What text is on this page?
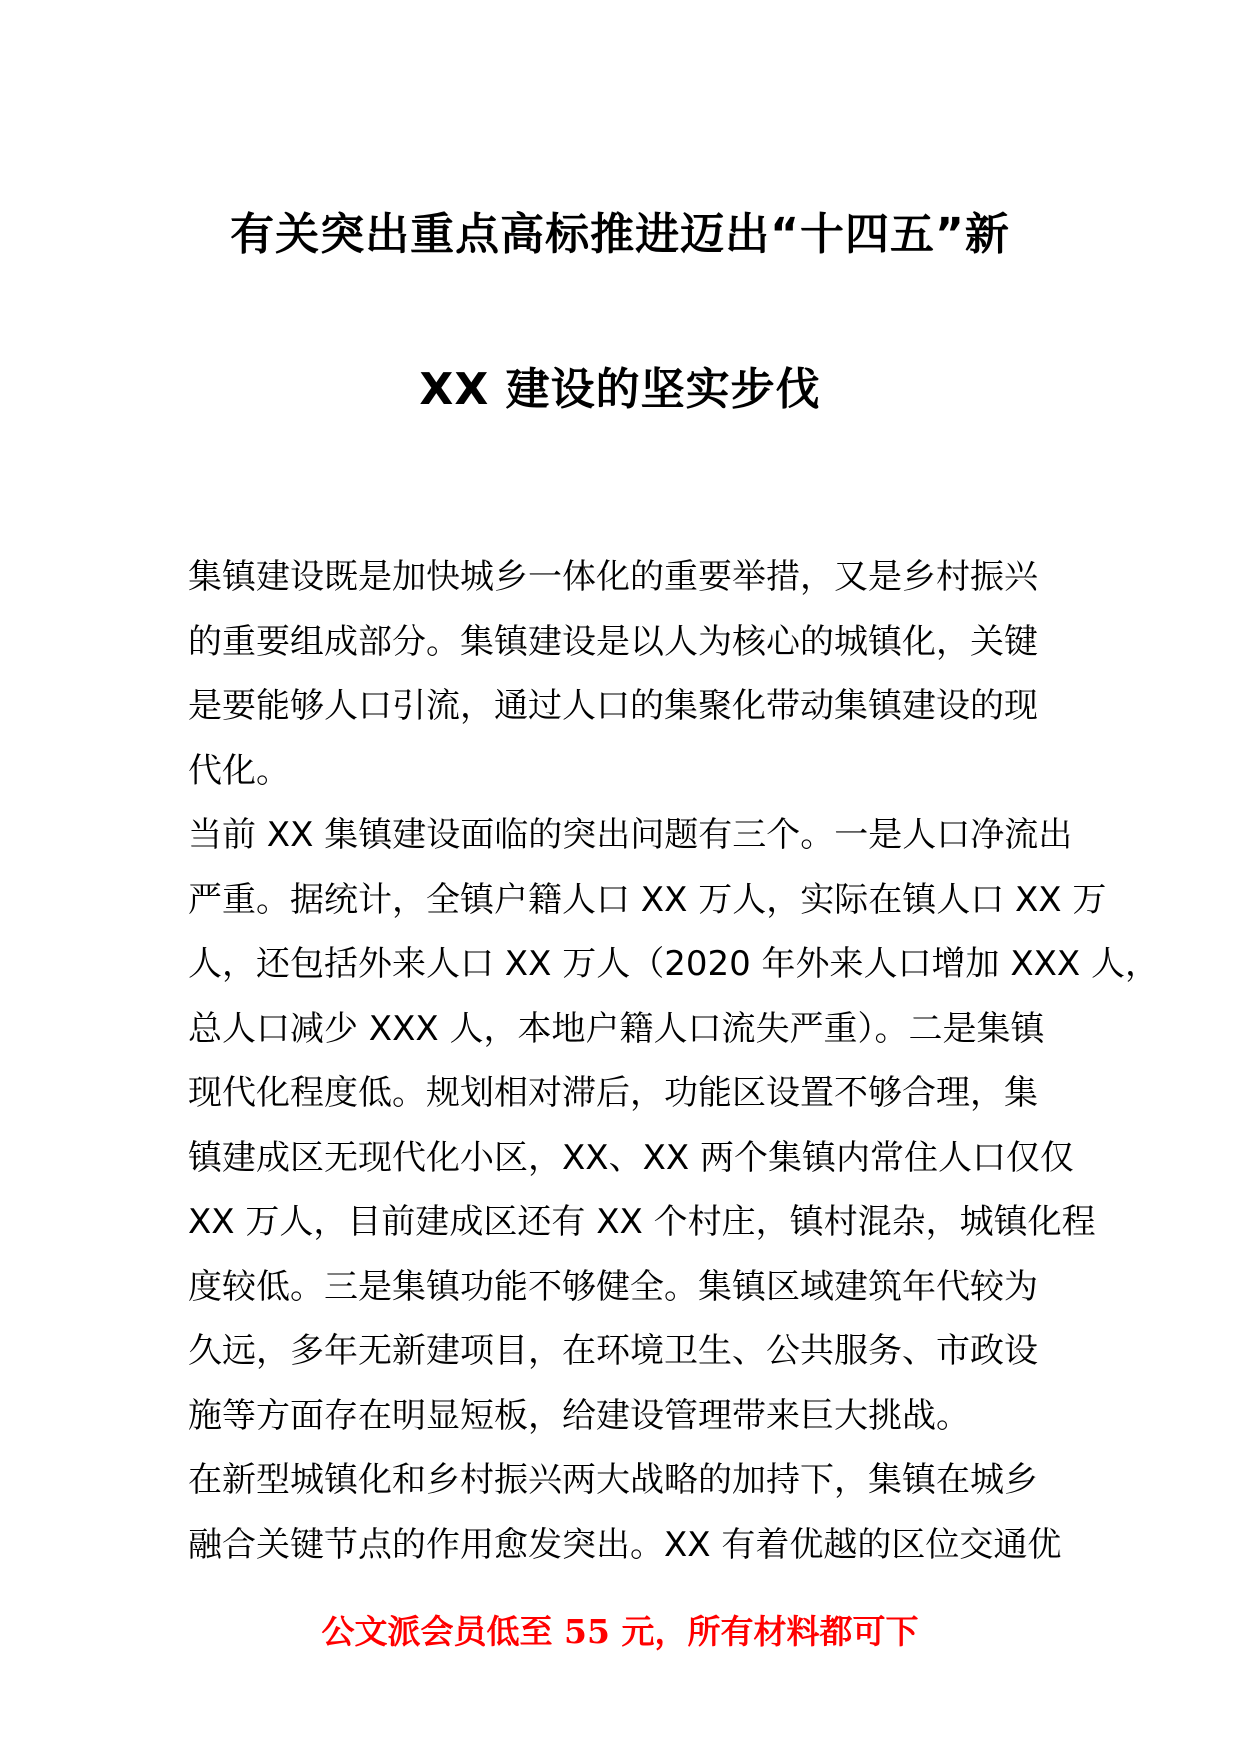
有关突出重点高标推进迈出“十四五”新
XX 建设的坚实步伐
集镇建设既是加快城乡一体化的重要举措，又是乡村振兴
的重要组成部分。集镇建设是以人为核心的城镇化，关键
是要能够人口引流，通过人口的集聚化带动集镇建设的现
代化。
当前 XX 集镇建设面临的突出问题有三个。一是人口净流出
严重。据统计，全镇户籍人口 XX 万人，实际在镇人口 XX 万
人，还包括外来人口 XX 万人（2020 年外来人口增加 XXX 人，
总人口减少 XXX 人，本地户籍人口流失严重）。二是集镇
现代化程度低。规划相对滞后，功能区设置不够合理，集
镇建成区无现代化小区，XX、XX 两个集镇内常住人口仅仅
XX 万人，目前建成区还有 XX 个村庄，镇村混杂，城镇化程
度较低。三是集镇功能不够健全。集镇区域建筑年代较为
久远，多年无新建项目，在环境卫生、公共服务、市政设
施等方面存在明显短板，给建设管理带来巨大挑战。
在新型城镇化和乡村振兴两大战略的加持下，集镇在城乡
融合关键节点的作用愈发突出。XX 有着优越的区位交通优
公文派会员低至 55 元，所有材料都可下
